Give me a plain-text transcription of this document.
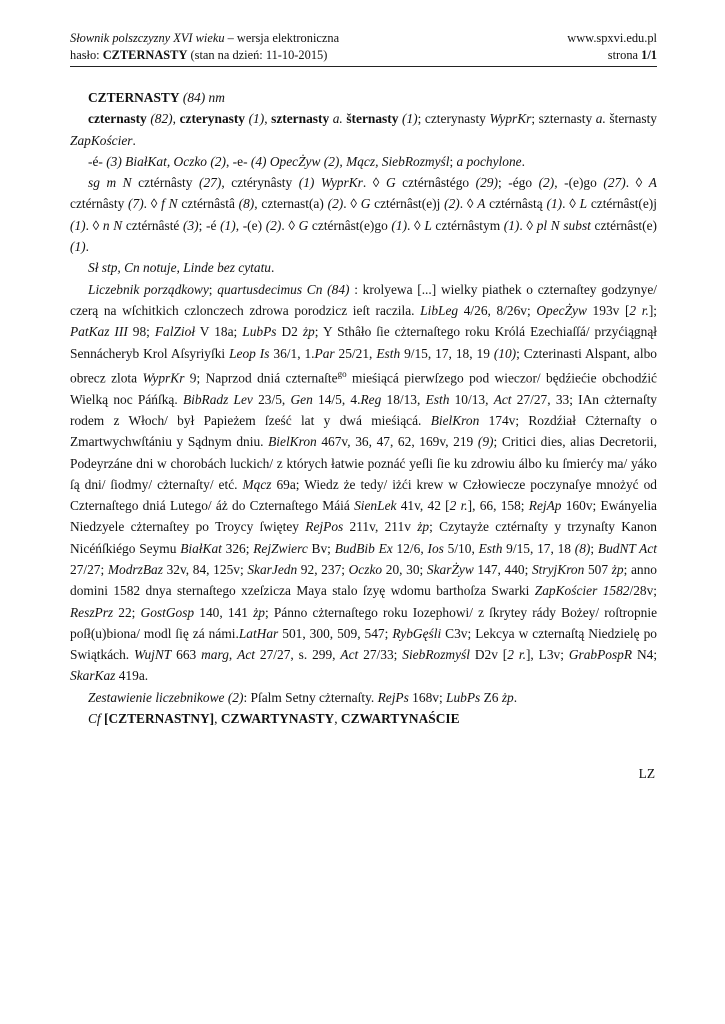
Słownik polszczyzny XVI wieku – wersja elektroniczna	www.spxvi.edu.pl
hasło: CZTERNASTY (stan na dzień: 11-10-2015)	strona 1/1

CZTERNASTY (84) nm

czternasty (82), czterynasty (1), szternasty a. šternasty (1); czterynasty WyprKr; szternasty a. šternasty ZapKościer.

-é- (3) BiałKat, Oczko (2), -e- (4) OpecŻyw (2), Mącz, SiebRozmyśl; a pochylone.

sg m N cztérnâsty (27), cztérynâsty (1) WyprKr. ◊ G cztérnâstégo (29); -égo (2), -(e)go (27). ◊ A cztérnâsty (7). ◊ f N cztérnâstâ (8), czternast(a) (2). ◊ G cztérnâst(e)j (2). ◊ A cztérnâstą (1). ◊ L cztérnâst(e)j (1). ◊ n N cztérnâsté (3); -é (1), -(e) (2). ◊ G cztérnâst(e)go (1). ◊ L cztérnâstym (1). ◊ pl N subst cztérnâst(e) (1).

Sł stp, Cn notuje, Linde bez cytatu.

Liczebnik porządkowy; quartusdecimus Cn (84) : krolyewa [...] wielky piathek o czternaſtey godzynye/ czerą na wſchitkich czlonczech zdrowa porodzicz ieſt raczila. LibLeg 4/26, 8/26v; OpecŻyw 193v [2 r.]; PatKaz III 98; FalZioł V 18a; LubPs D2 żp; Y Sthâło ſie cżternaſtego roku Królá Ezechiaſſá/ przyćiągnął Sennácheryb Krol Aſsyriyſki Leop Is 36/1, 1.Par 25/21, Esth 9/15, 17, 18, 19 (10); Czterinasti Alspant, albo obrecz zlota WyprKr 9; Naprzod dniá czternaſte$^{go}$ mieśiącá pierwſzego pod wieczor/ będźiećie obchodźić Wielką noc Páńſką. BibRadz Lev 23/5, Gen 14/5, 4.Reg 18/13, Esth 10/13, Act 27/27, 33; IAn cżternaſty rodem z Włoch/ był Papieżem ſześć lat y dwá mieśiącá. BielKron 174v; Rozdźiał Cżternaſty o Zmartwychwſtániu y Sądnym dniu. BielKron 467v, 36, 47, 62, 169v, 219 (9); Critici dies, alias Decretorii, Podeyrzáne dni w chorobách luckich/ z których łatwie poznáć yeſli ſie ku zdrowiu álbo ku ſmierćy ma/ yáko ſą dni/ ſiodmy/ cżternaſty/ etć. Mącz 69a; Wiedz że tedy/ iżći krew w Człowiecze poczynaſye mnożyć od Czternaſtego dniá Lutego/ áż do Czternaſtego Máiá SienLek 41v, 42 [2 r.], 66, 158; RejAp 160v; Ewányelia Niedzyele cżternaſtey po Troycy ſwiętey RejPos 211v, 211v żp; Czytayże cztérnaſty y trzynaſty Kanon Nicéńſkiégo Seymu BiałKat 326; RejZwierc Bv; BudBib Ex 12/6, Ios 5/10, Esth 9/15, 17, 18 (8); BudNT Act 27/27; ModrzBaz 32v, 84, 125v; SkarJedn 92, 237; Oczko 20, 30; SkarŻyw 147, 440; StryjKron 507 żp; anno domini 1582 dnya sternaſtego xzeſzicza Maya stalo ſzyę wdomu barthoſza Swarki ZapKościer 1582/28v; ReszPrz 22; GostGosp 140, 141 żp; Pánno cżternaſtego roku Iozephowi/ z ſkrytey rády Bożey/ roſtropnie poſł(u)biona/ modl ſię zá námi.LatHar 501, 300, 509, 547; RybGęśli C3v; Lekcya w czternaſtą Niedzielę po Swiątkách. WujNT 663 marg, Act 27/27, s. 299, Act 27/33; SiebRozmyśl D2v [2 r.], L3v; GrabPospR N4; SkarKaz 419a.

Zestawienie liczebnikowe (2): Pſalm Setny cżternaſty. RejPs 168v; LubPs Z6 żp.

Cf [CZTERNASTNY], CZWARTYNASTY, CZWARTYNAŚCIE

LZ
